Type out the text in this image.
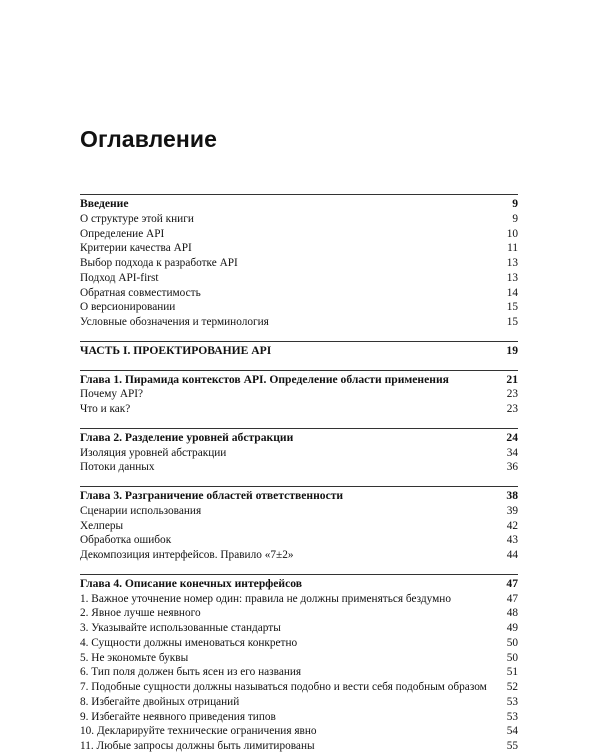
Оглавление
Введение	9
О структуре этой книги	9
Определение API	10
Критерии качества API	11
Выбор подхода к разработке API	13
Подход API-first	13
Обратная совместимость	14
О версионировании	15
Условные обозначения и терминология	15
ЧАСТЬ I. ПРОЕКТИРОВАНИЕ API	19
Глава 1. Пирамида контекстов API. Определение области применения	21
Почему API?	23
Что и как?	23
Глава 2. Разделение уровней абстракции	24
Изоляция уровней абстракции	34
Потоки данных	36
Глава 3. Разграничение областей ответственности	38
Сценарии использования	39
Хелперы	42
Обработка ошибок	43
Декомпозиция интерфейсов. Правило «7±2»	44
Глава 4. Описание конечных интерфейсов	47
1. Важное уточнение номер один: правила не должны применяться бездумно	47
2. Явное лучше неявного	48
3. Указывайте использованные стандарты	49
4. Сущности должны именоваться конкретно	50
5. Не экономьте буквы	50
6. Тип поля должен быть ясен из его названия	51
7. Подобные сущности должны называться подобно и вести себя подобным образом 52
8. Избегайте двойных отрицаний	53
9. Избегайте неявного приведения типов	53
10. Декларируйте технические ограничения явно	54
11. Любые запросы должны быть лимитированы	55
